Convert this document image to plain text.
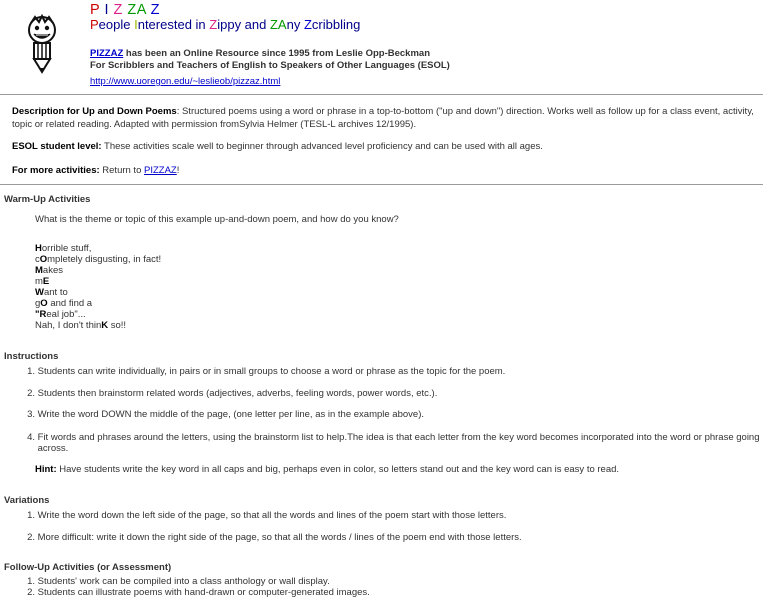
P I Z ZA Z
People Interested in Zippy and ZAny Zcribbling
PIZZAZ has been an Online Resource since 1995 from Leslie Opp-Beckman
For Scribblers and Teachers of English to Speakers of Other Languages (ESOL)
http://www.uoregon.edu/~leslieob/pizzaz.html
Description for Up and Down Poems: Structured poems using a word or phrase in a top-to-bottom ("up and down") direction. Works well as follow up for a class event, activity,
topic or related reading. Adapted with permission fromSylvia Helmer (TESL-L archives 12/1995).
ESOL student level: These activities scale well to beginner through advanced level proficiency and can be used with all ages.
For more activities: Return to PIZZAZ!
Warm-Up Activities
What is the theme or topic of this example up-and-down poem, and how do you know?
Horrible stuff,
cOmpletely disgusting, in fact!
Makes
mE
Want to
gO and find a
"Real job"...
Nah, I don't thinK so!!
Instructions
1. Students can write individually, in pairs or in small groups to choose a word or phrase as the topic for the poem.
2. Students then brainstorm related words (adjectives, adverbs, feeling words, power words, etc.).
3. Write the word DOWN the middle of the page, (one letter per line, as in the example above).
4. Fit words and phrases around the letters, using the brainstorm list to help.The idea is that each letter from the key word becomes incorporated into the word or phrase going across.
Hint: Have students write the key word in all caps and big, perhaps even in color, so letters stand out and the key word can is easy to read.
Variations
1. Write the word down the left side of the page, so that all the words and lines of the poem start with those letters.
2. More difficult: write it down the right side of the page, so that all the words / lines of the poem end with those letters.
Follow-Up Activities (or Assessment)
1. Students' work can be compiled into a class anthology or wall display.
2. Students can illustrate poems with hand-drawn or computer-generated images.
